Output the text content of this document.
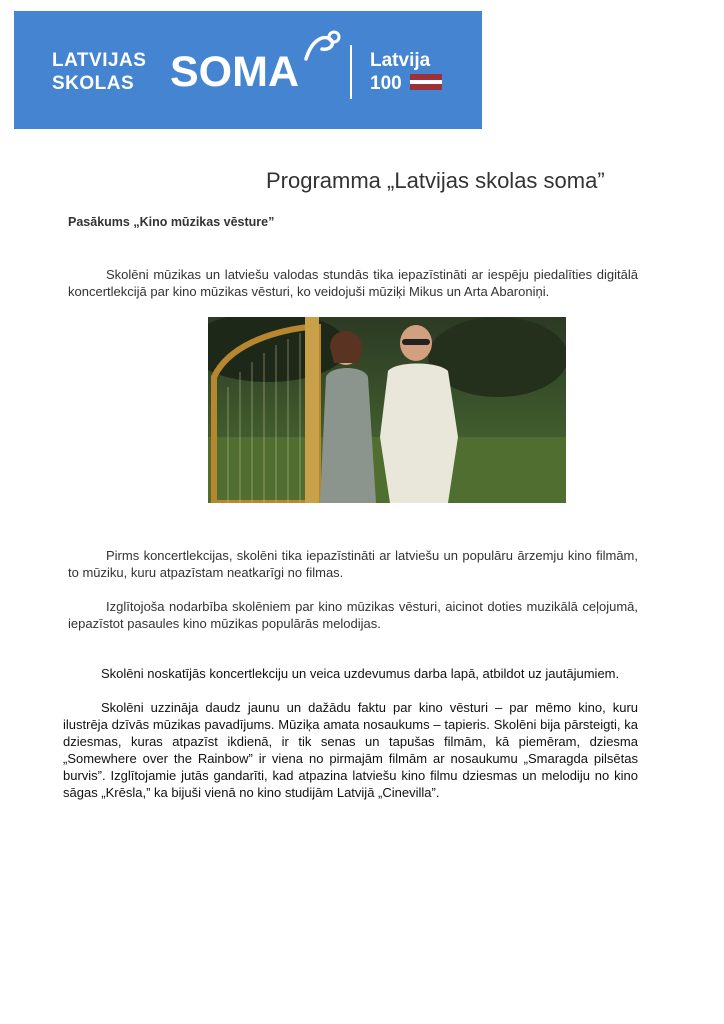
LATVIJAS
SKOLAS SOMA	Latvija
100
Programma „Latvijas skolas soma”
Pasākums „Kino mūzikas vēsture”

Skolēni mūzikas un latviešu valodas stundās tika iepazīstināti ar iespēju piedalīties digitālā koncertlekcijā par kino mūzikas vēsturi, ko veidojuši mūziķi Mikus un Arta Abaroniņi.

Pirms koncertlekcijas, skolēni tika iepazīstināti ar latviešu un populāru ārzemju kino filmām, to mūziku, kuru atpazīstam neatkarīgi no filmas.

Izglītojoša nodarbība skolēniem par kino mūzikas vēsturi, aicinot doties muzikālā ceļojumā, iepazīstot pasaules kino mūzikas populārās melodijas.

Skolēni noskatījās koncertlekciju un veica uzdevumus darba lapā, atbildot uz jautājumiem.

Skolēni uzzināja daudz jaunu un dažādu faktu par kino vēsturi – par mēmo kino, kuru ilustrēja dzīvās mūzikas pavadījums. Mūziķa amata nosaukums – tapieris. Skolēni bija pārsteigti, ka dziesmas, kuras atpazīst ikdienā, ir tik senas un tapušas filmām, kā piemēram, dziesma „Somewhere over the Rainbow” ir viena no pirmajām filmām ar nosaukumu „Smaragda pilsētas burvis”. Izglītojamie jutās gandarīti, kad atpazina latviešu kino filmu dziesmas un melodiju no kino sāgas „Krēsla,” ka bijuši vienā no kino studijām Latvijā „Cinevilla”.
